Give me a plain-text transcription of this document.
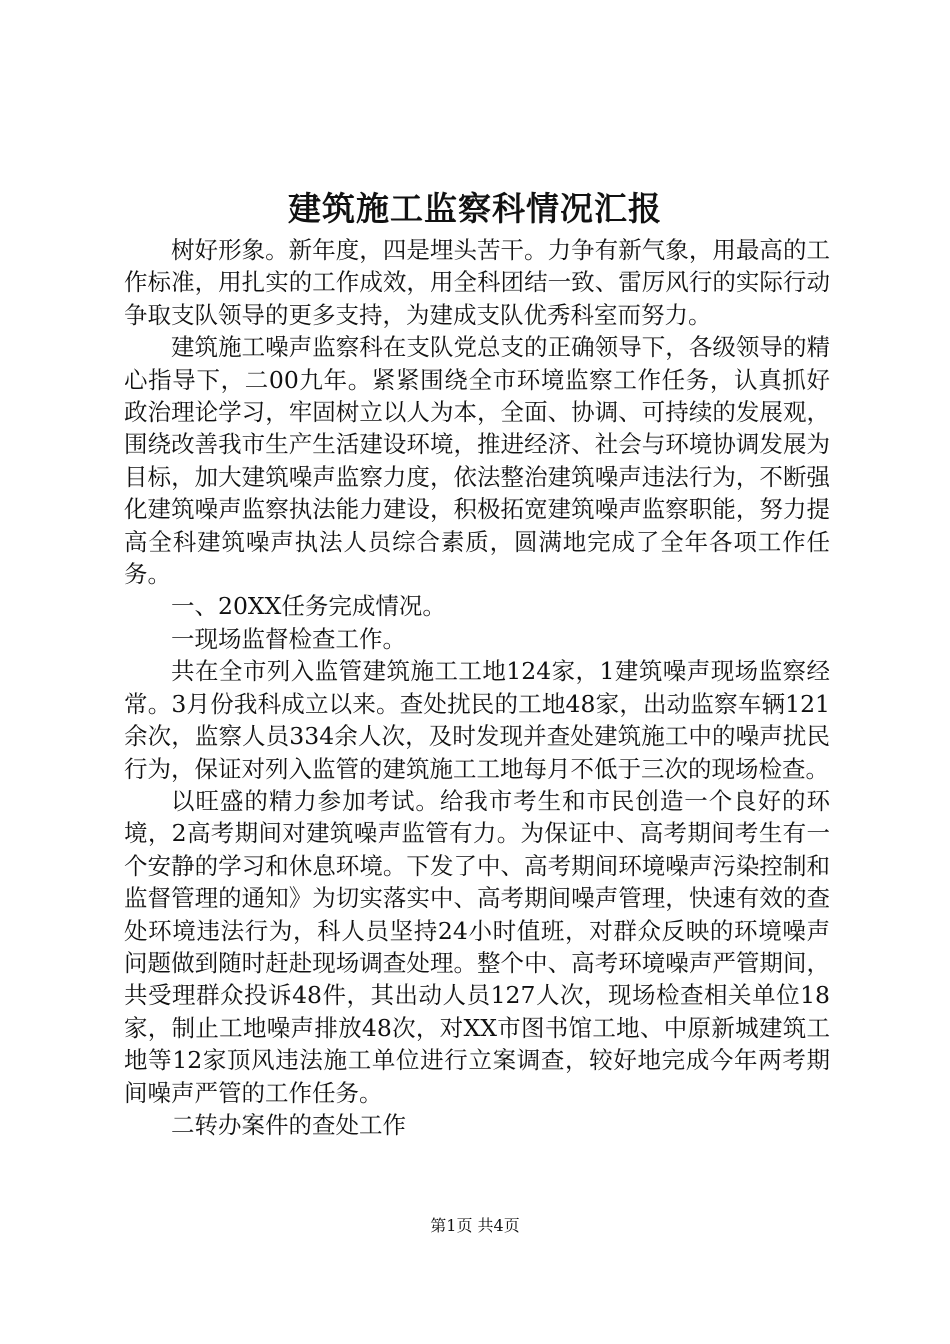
建筑施工监察科情况汇报

树好形象。新年度，四是埋头苦干。力争有新气象，用最高的工作标准，用扎实的工作成效，用全科团结一致、雷厉风行的实际行动争取支队领导的更多支持，为建成支队优秀科室而努力。

建筑施工噪声监察科在支队党总支的正确领导下，各级领导的精心指导下，二00九年。紧紧围绕全市环境监察工作任务，认真抓好政治理论学习，牢固树立以人为本，全面、协调、可持续的发展观，围绕改善我市生产生活建设环境，推进经济、社会与环境协调发展为目标，加大建筑噪声监察力度，依法整治建筑噪声违法行为，不断强化建筑噪声监察执法能力建设，积极拓宽建筑噪声监察职能，努力提高全科建筑噪声执法人员综合素质，圆满地完成了全年各项工作任务。

一、20XX任务完成情况。

一现场监督检查工作。

共在全市列入监管建筑施工工地124家，1建筑噪声现场监察经常。3月份我科成立以来。查处扰民的工地48家，出动监察车辆121余次，监察人员334余人次，及时发现并查处建筑施工中的噪声扰民行为，保证对列入监管的建筑施工工地每月不低于三次的现场检查。

以旺盛的精力参加考试。给我市考生和市民创造一个良好的环境，2高考期间对建筑噪声监管有力。为保证中、高考期间考生有一个安静的学习和休息环境。下发了中、高考期间环境噪声污染控制和监督管理的通知》为切实落实中、高考期间噪声管理，快速有效的查处环境违法行为，科人员坚持24小时值班，对群众反映的环境噪声问题做到随时赶赴现场调查处理。整个中、高考环境噪声严管期间，共受理群众投诉48件，其出动人员127人次，现场检查相关单位18家，制止工地噪声排放48次，对XX市图书馆工地、中原新城建筑工地等12家顶风违法施工单位进行立案调查，较好地完成今年两考期间噪声严管的工作任务。

二转办案件的查处工作

第1页 共4页
